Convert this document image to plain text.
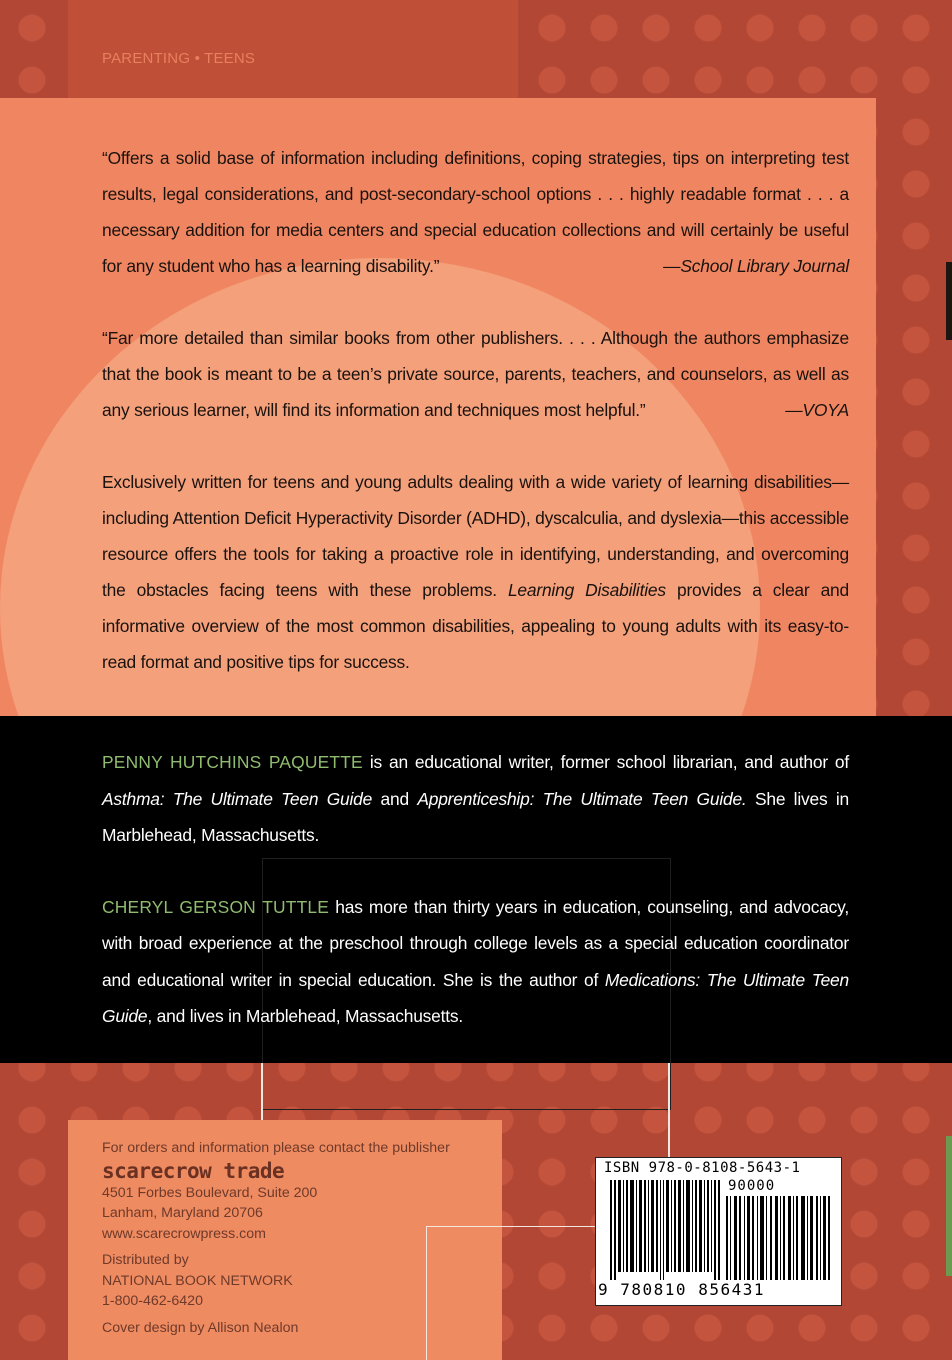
PARENTING • TEENS

“Offers a solid base of information including definitions, coping strategies, tips on interpreting test results, legal considerations, and post-secondary-school options . . . highly readable format . . . a necessary addition for media centers and special education collections and will certainly be useful for any student who has a learning disability.”	—School Library Journal

“Far more detailed than similar books from other publishers. . . . Although the authors emphasize that the book is meant to be a teen’s private source, parents, teachers, and counselors, as well as any serious learner, will find its information and techniques most helpful.”	—VOYA

Exclusively written for teens and young adults dealing with a wide variety of learning disabilities—including Attention Deficit Hyperactivity Disorder (ADHD), dyscalculia, and dyslexia—this accessible resource offers the tools for taking a proactive role in identifying, understanding, and overcoming the obstacles facing teens with these problems. Learning Disabilities provides a clear and informative overview of the most common disabilities, appealing to young adults with its easy-to-read format and positive tips for success.

PENNY HUTCHINS PAQUETTE is an educational writer, former school librarian, and author of Asthma: The Ultimate Teen Guide and Apprenticeship: The Ultimate Teen Guide. She lives in Marblehead, Massachusetts.

CHERYL GERSON TUTTLE has more than thirty years in education, counseling, and advocacy, with broad experience at the preschool through college levels as a special education coordinator and educational writer in special education. She is the author of Medications: The Ultimate Teen Guide, and lives in Marblehead, Massachusetts.

For orders and information please contact the publisher
scarecrow trade
4501 Forbes Boulevard, Suite 200
Lanham, Maryland 20706
www.scarecrowpress.com
Distributed by
NATIONAL BOOK NETWORK
1-800-462-6420
Cover design by Allison Nealon
ISBN 978-0-8108-5643-1
90000
9 780810 856431
